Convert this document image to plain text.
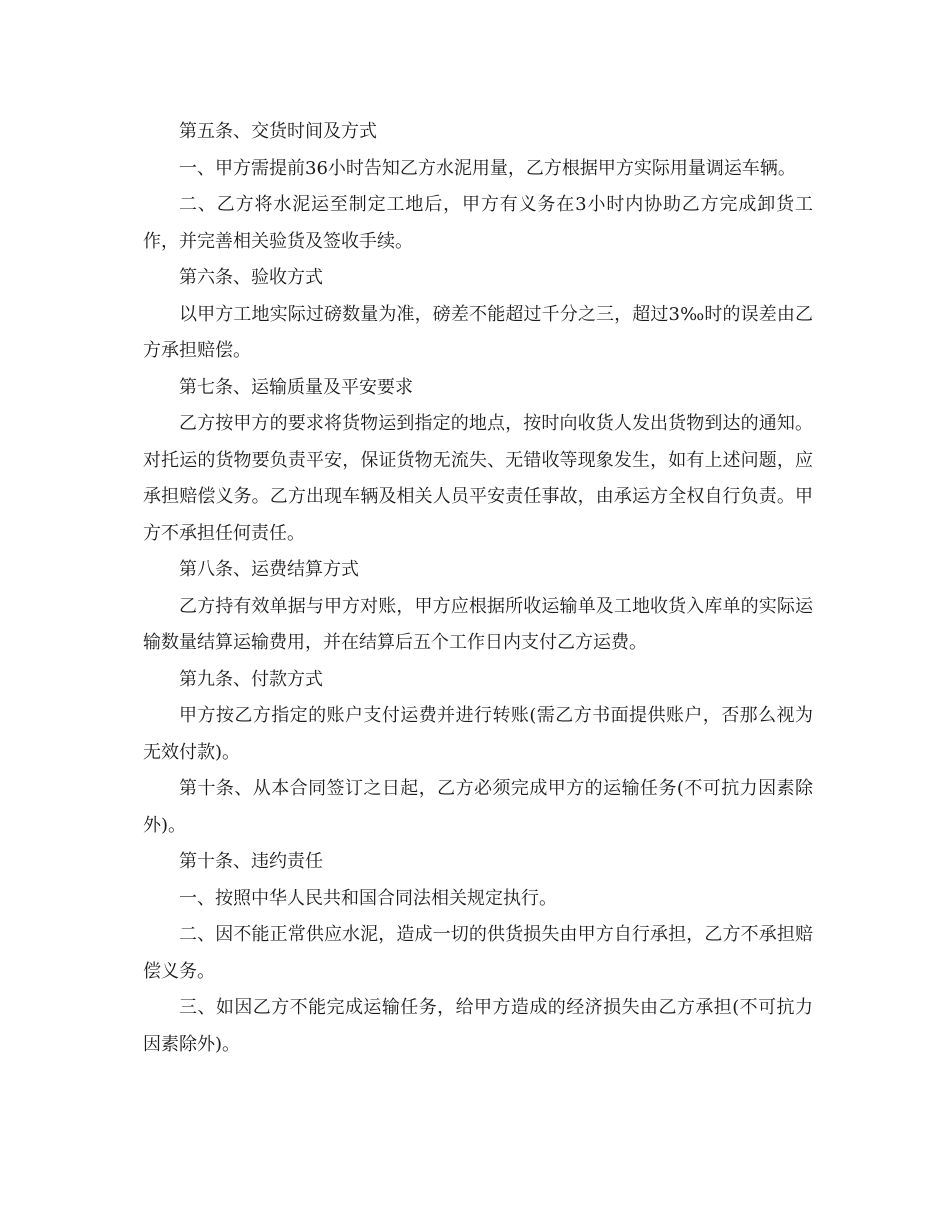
第五条、交货时间及方式

一、甲方需提前36小时告知乙方水泥用量，乙方根据甲方实际用量调运车辆。

二、乙方将水泥运至制定工地后，甲方有义务在3小时内协助乙方完成卸货工作，并完善相关验货及签收手续。

第六条、验收方式

以甲方工地实际过磅数量为准，磅差不能超过千分之三，超过3‰时的误差由乙方承担赔偿。

第七条、运输质量及平安要求

乙方按甲方的要求将货物运到指定的地点，按时向收货人发出货物到达的通知。对托运的货物要负责平安，保证货物无流失、无错收等现象发生，如有上述问题，应承担赔偿义务。乙方出现车辆及相关人员平安责任事故，由承运方全权自行负责。甲方不承担任何责任。

第八条、运费结算方式

乙方持有效单据与甲方对账，甲方应根据所收运输单及工地收货入库单的实际运输数量结算运输费用，并在结算后五个工作日内支付乙方运费。

第九条、付款方式

甲方按乙方指定的账户支付运费并进行转账(需乙方书面提供账户，否那么视为无效付款)。

第十条、从本合同签订之日起，乙方必须完成甲方的运输任务(不可抗力因素除外)。

第十条、违约责任

一、按照中华人民共和国合同法相关规定执行。

二、因不能正常供应水泥，造成一切的供货损失由甲方自行承担，乙方不承担赔偿义务。

三、如因乙方不能完成运输任务，给甲方造成的经济损失由乙方承担(不可抗力因素除外)。
